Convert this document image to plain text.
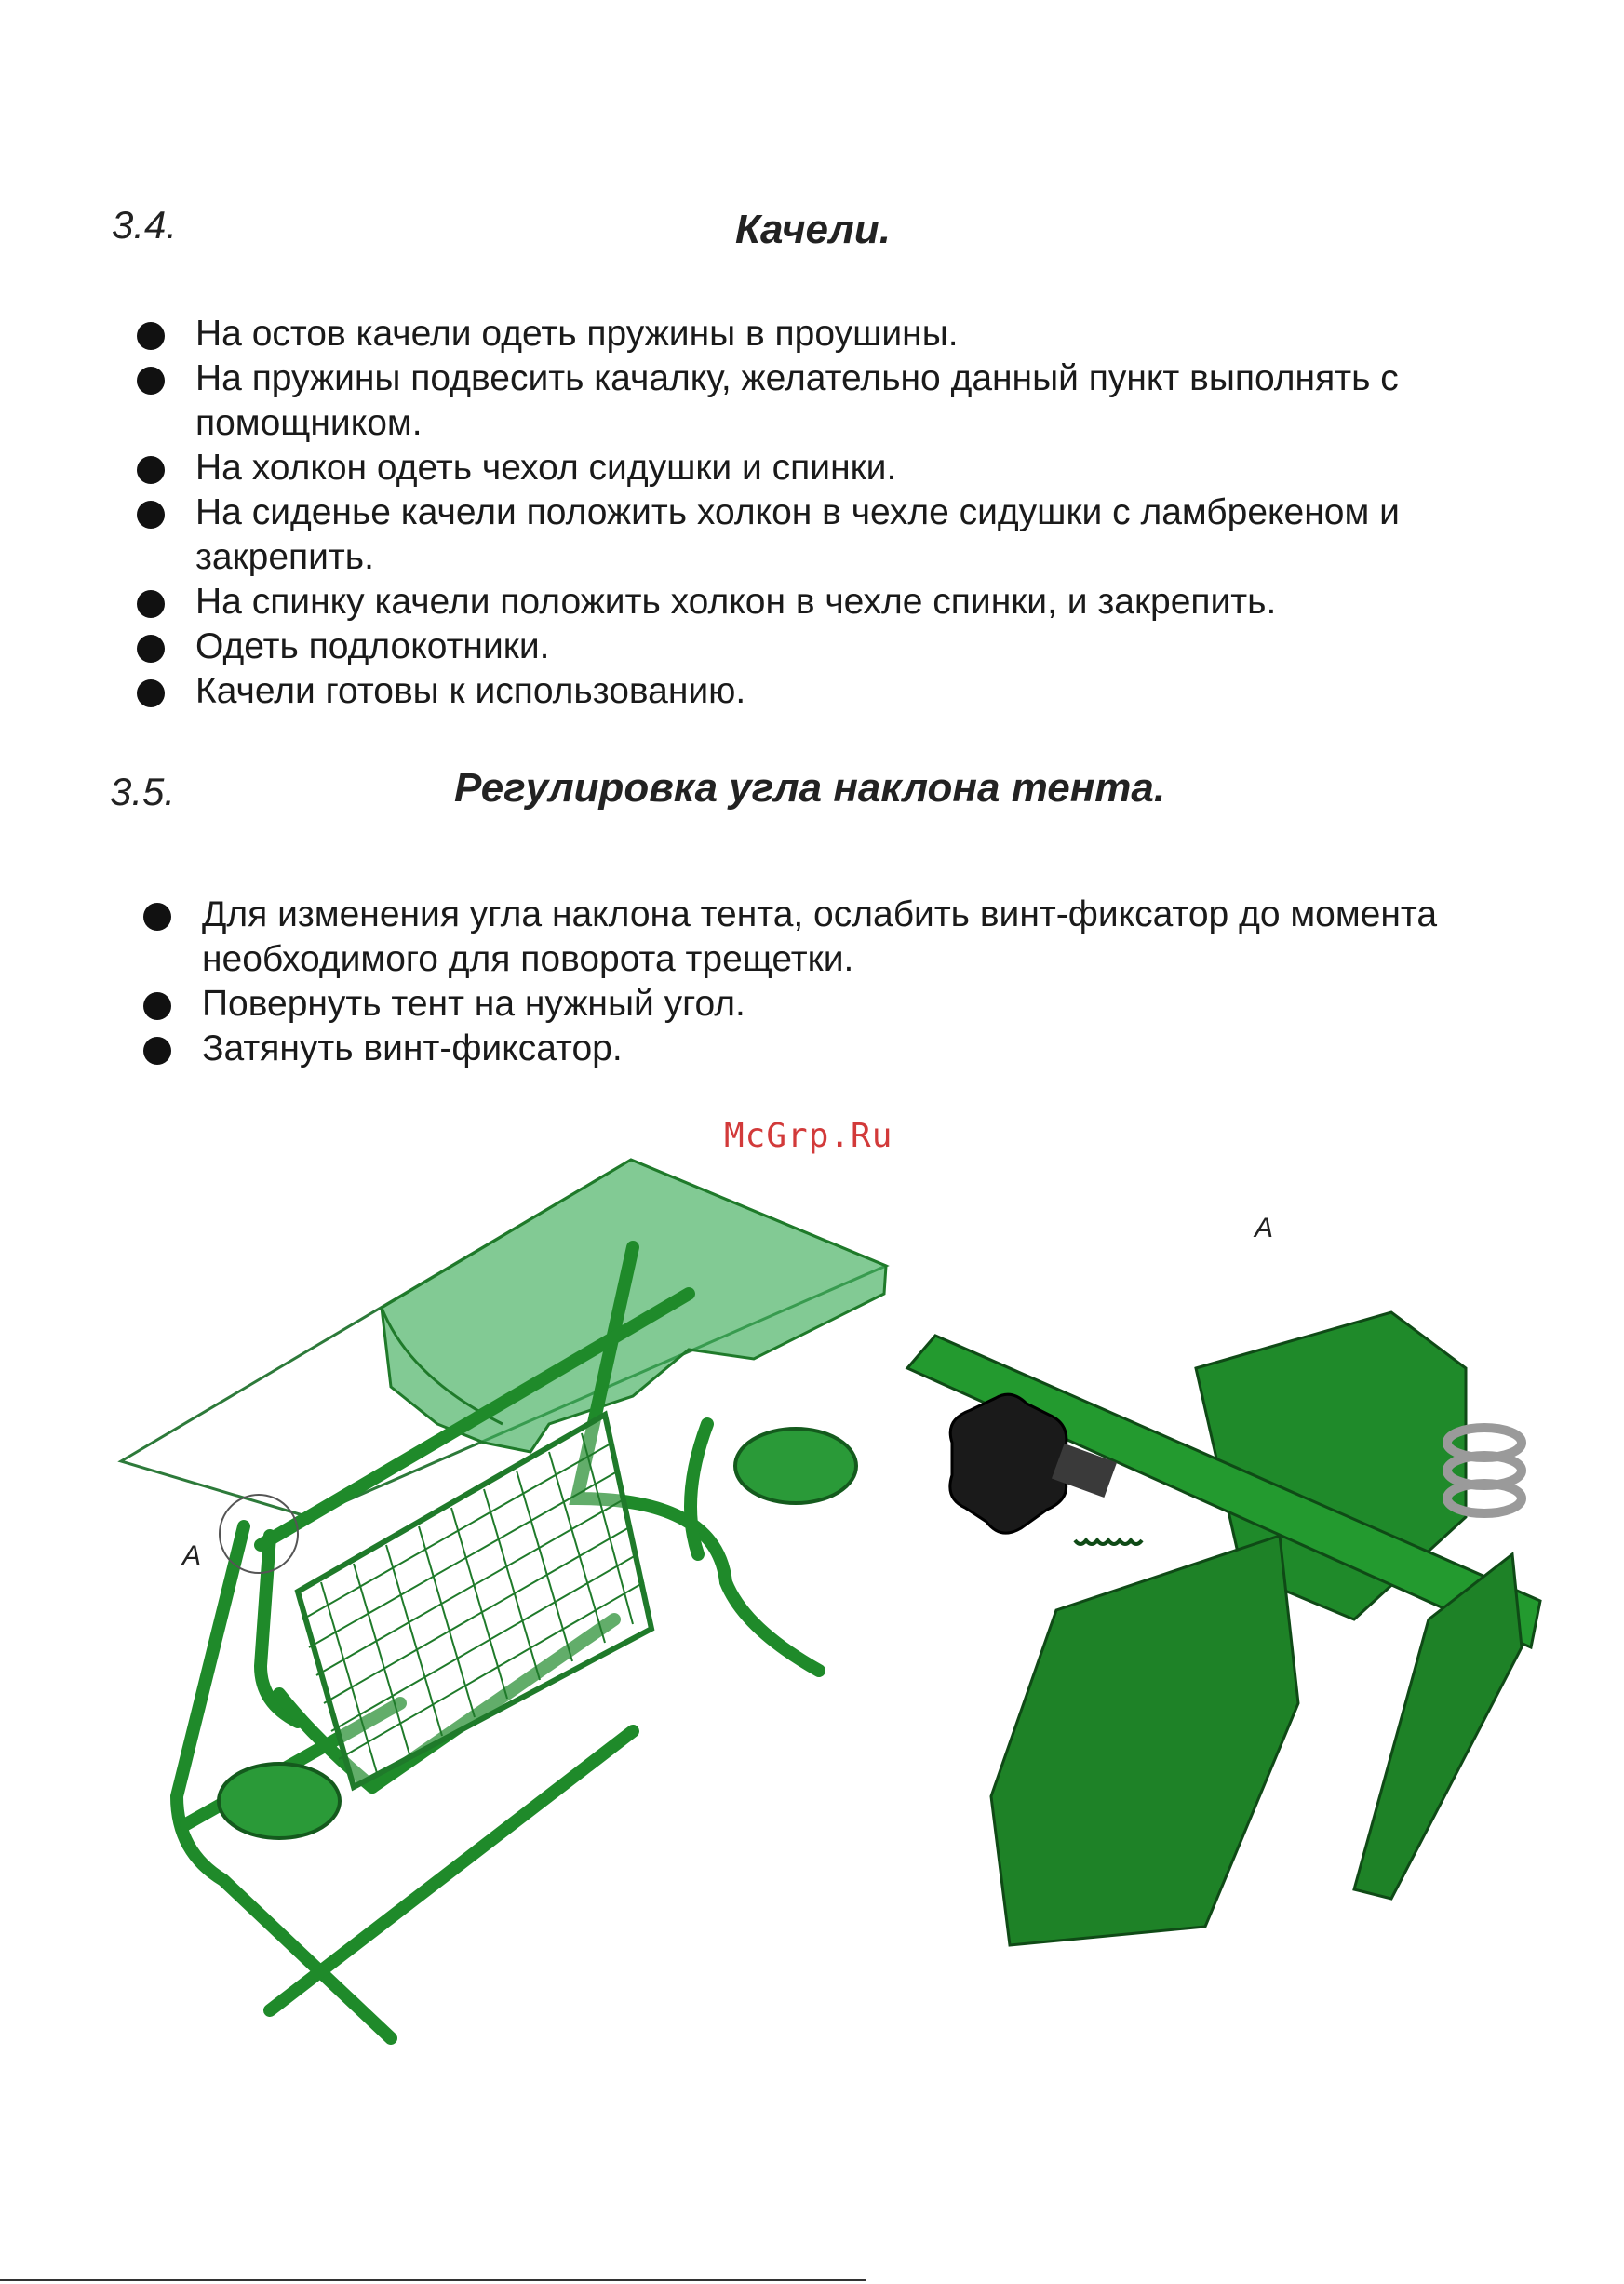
3.4.	Качели.
На остов качели одеть пружины в проушины.
На пружины подвесить качалку, желательно данный пункт выполнять с помощником.
На холкон одеть чехол сидушки и спинки.
На сиденье качели положить холкон в чехле сидушки с ламбрекеном и закрепить.
На спинку качели положить холкон в чехле спинки, и закрепить.
Одеть подлокотники.
Качели готовы к использованию.
3.5.	Регулировка угла наклона тента.
Для изменения угла наклона тента, ослабить винт-фиксатор до момента необходимого для поворота трещетки.
Повернуть тент на нужный угол.
Затянуть винт-фиксатор.
McGrp.Ru
A
A
